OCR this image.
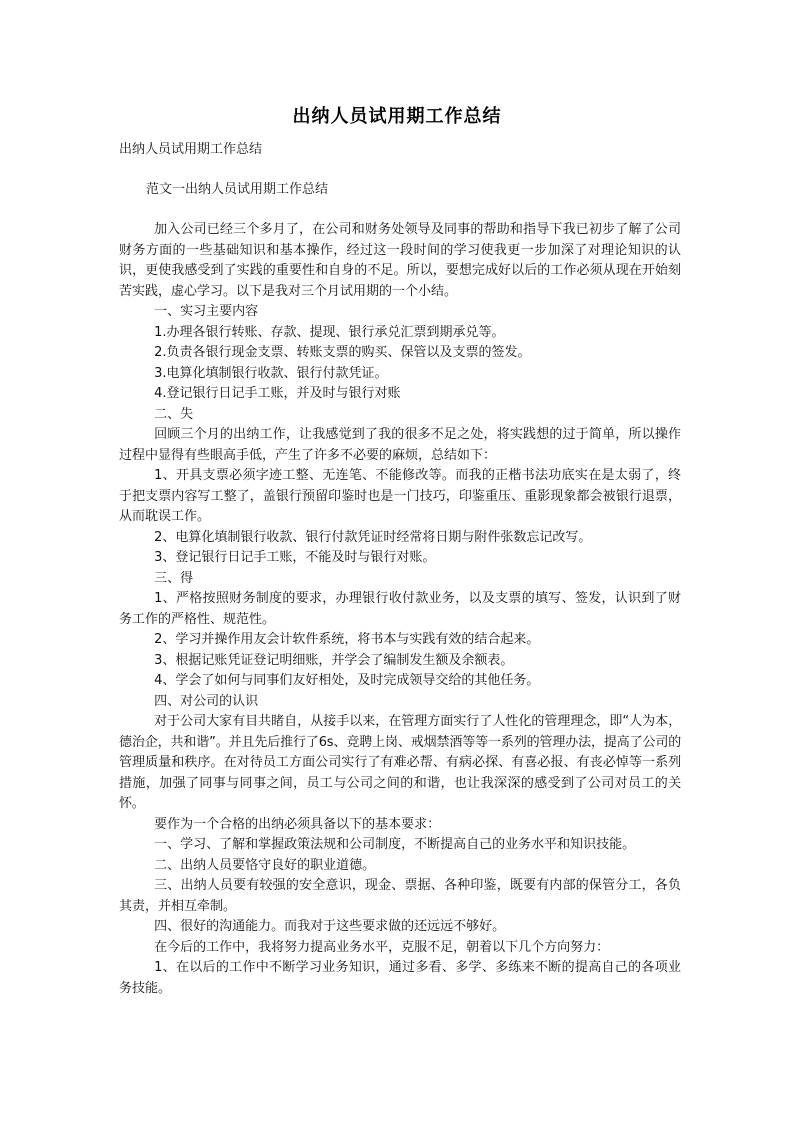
出纳人员试用期工作总结
出纳人员试用期工作总结
范文一出纳人员试用期工作总结

加入公司已经三个多月了，在公司和财务处领导及同事的帮助和指导下我已初步了解了公司财务方面的一些基础知识和基本操作，经过这一段时间的学习使我更一步加深了对理论知识的认识，更使我感受到了实践的重要性和自身的不足。所以，要想完成好以后的工作必须从现在开始刻苦实践，虚心学习。以下是我对三个月试用期的一个小结。

一、实习主要内容

1.办理各银行转账、存款、提现、银行承兑汇票到期承兑等。

2.负责各银行现金支票、转账支票的购买、保管以及支票的签发。

3.电算化填制银行收款、银行付款凭证。

4.登记银行日记手工账，并及时与银行对账

二、失

回顾三个月的出纳工作，让我感觉到了我的很多不足之处，将实践想的过于简单，所以操作过程中显得有些眼高手低，产生了许多不必要的麻烦，总结如下：

1、开具支票必须字迹工整、无连笔、不能修改等。而我的正楷书法功底实在是太弱了，终于把支票内容写工整了，盖银行预留印鉴时也是一门技巧，印鉴重压、重影现象都会被银行退票，从而耽误工作。

2、电算化填制银行收款、银行付款凭证时经常将日期与附件张数忘记改写。

3、登记银行日记手工账，不能及时与银行对账。

三、得

1、严格按照财务制度的要求，办理银行收付款业务，以及支票的填写、签发，认识到了财务工作的严格性、规范性。

2、学习并操作用友会计软件系统，将书本与实践有效的结合起来。

3、根据记账凭证登记明细账，并学会了编制发生额及余额表。

4、学会了如何与同事们友好相处，及时完成领导交给的其他任务。

四、对公司的认识

对于公司大家有目共睹自，从接手以来，在管理方面实行了人性化的管理理念，即“人为本，德治企，共和谐”。并且先后推行了6s、竞聘上岗、戒烟禁酒等等一系列的管理办法，提高了公司的管理质量和秩序。在对待员工方面公司实行了有难必帮、有病必探、有喜必报、有丧必悼等一系列措施，加强了同事与同事之间，员工与公司之间的和谐，也让我深深的感受到了公司对员工的关怀。

要作为一个合格的出纳必须具备以下的基本要求：

一、学习、了解和掌握政策法规和公司制度，不断提高自己的业务水平和知识技能。

二、出纳人员要恪守良好的职业道德。

三、出纳人员要有较强的安全意识，现金、票据、各种印鉴，既要有内部的保管分工，各负其责，并相互牵制。

四、很好的沟通能力。而我对于这些要求做的还远远不够好。

在今后的工作中，我将努力提高业务水平，克服不足，朝着以下几个方向努力：

1、在以后的工作中不断学习业务知识，通过多看、多学、多练来不断的提高自己的各项业务技能。
